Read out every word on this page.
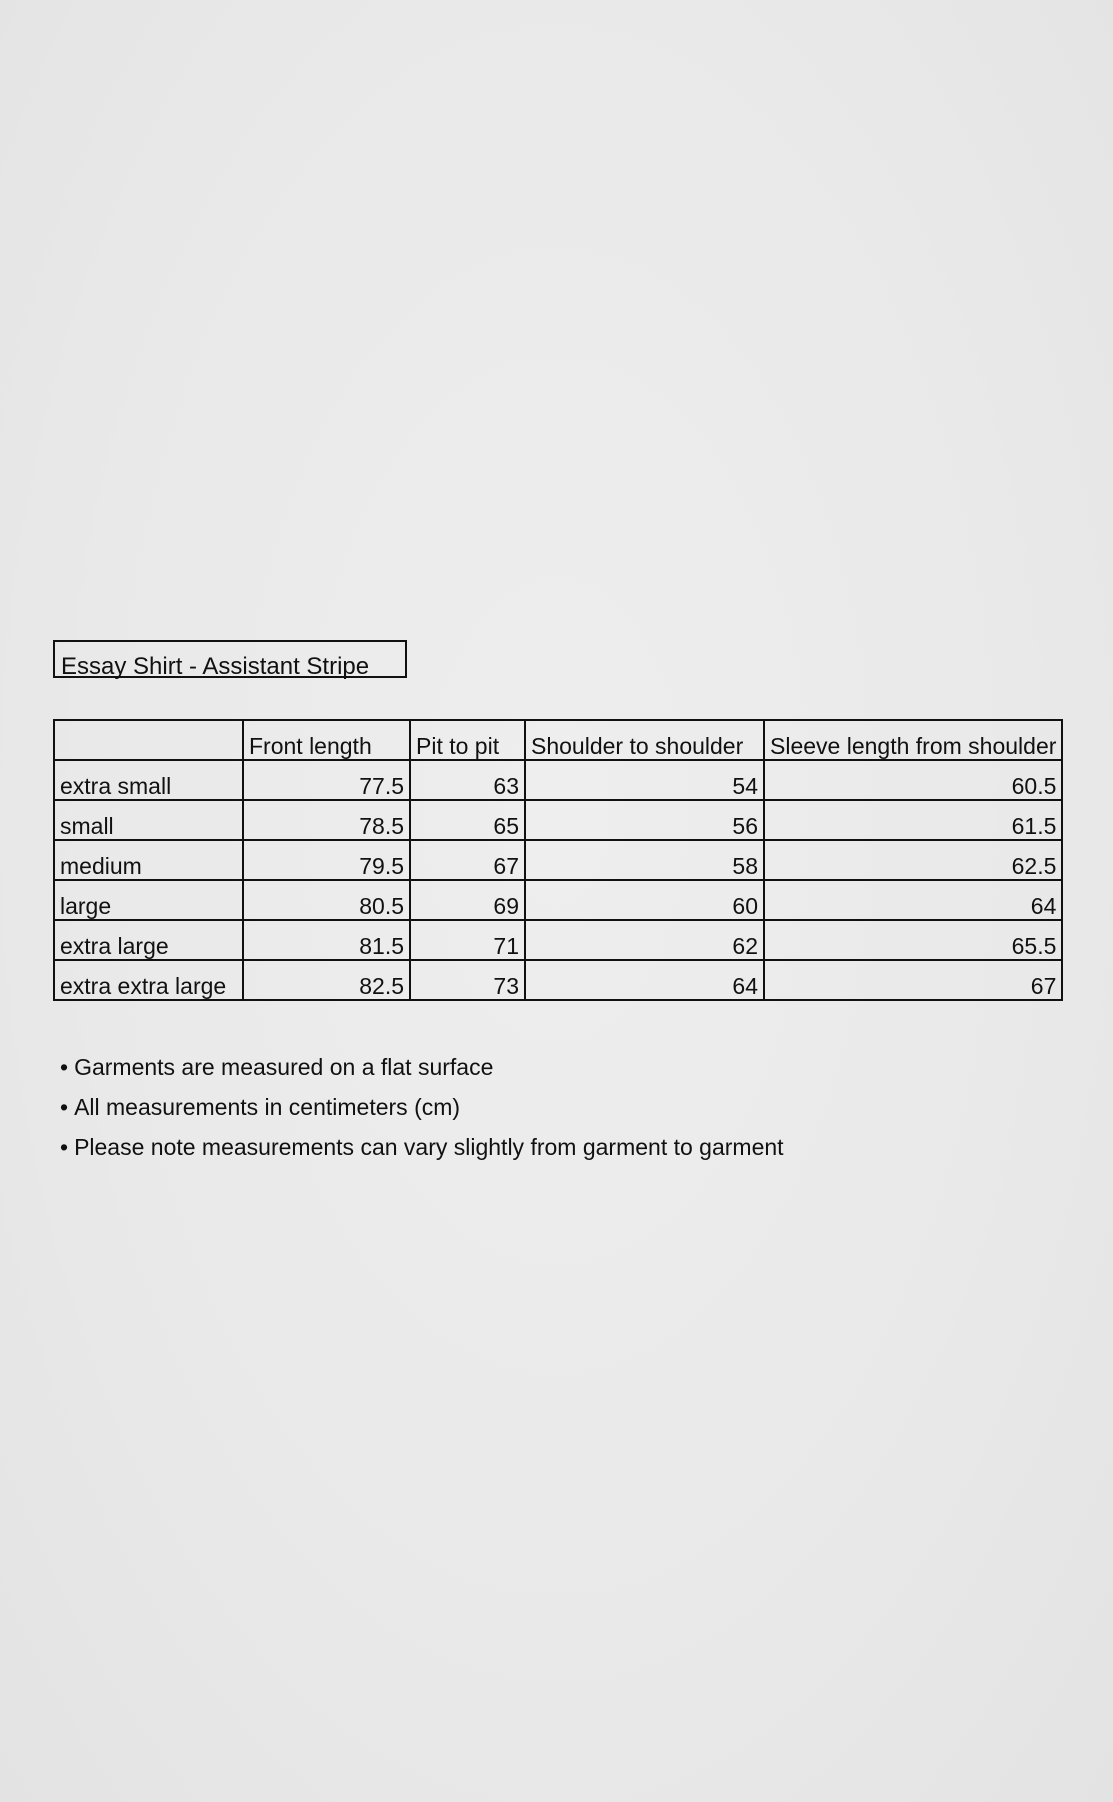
Essay Shirt - Assistant Stripe
	Front length	Pit to pit	Shoulder to shoulder	Sleeve length from shoulder
extra small	77.5	63	54	60.5
small	78.5	65	56	61.5
medium	79.5	67	58	62.5
large	80.5	69	60	64
extra large	81.5	71	62	65.5
extra extra large	82.5	73	64	67
• Garments are measured on a flat surface
• All measurements in centimeters (cm)
• Please note measurements can vary slightly from garment to garment
